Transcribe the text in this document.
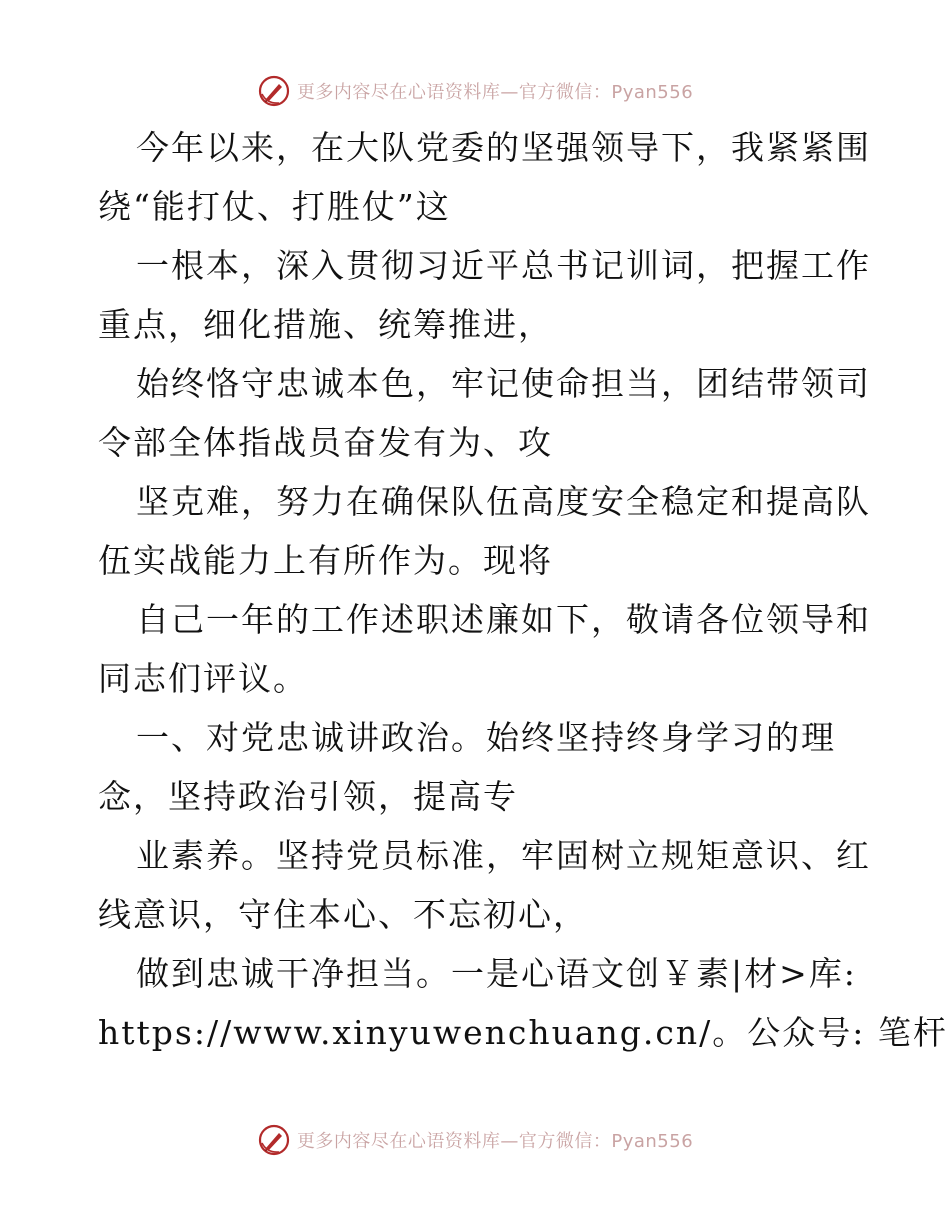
更多内容尽在心语资料库—官方微信：Pyan556
今年以来，在大队党委的坚强领导下，我紧紧围
绕“能打仗、打胜仗”这
一根本，深入贯彻习近平总书记训词，把握工作
重点，细化措施、统筹推进，
始终恪守忠诚本色，牢记使命担当，团结带领司
令部全体指战员奋发有为、攻
坚克难，努力在确保队伍高度安全稳定和提高队
伍实战能力上有所作为。现将
自己一年的工作述职述廉如下，敬请各位领导和
同志们评议。
一、对党忠诚讲政治。始终坚持终身学习的理
念，坚持政治引领，提高专
业素养。坚持党员标准，牢固树立规矩意识、红
线意识，守住本心、不忘初心，
做到忠诚干净担当。一是心语文创￥素|材>库:
https://www.xinyuwenchuang.cn/。公众号: 笔杆
更多内容尽在心语资料库—官方微信：Pyan556
